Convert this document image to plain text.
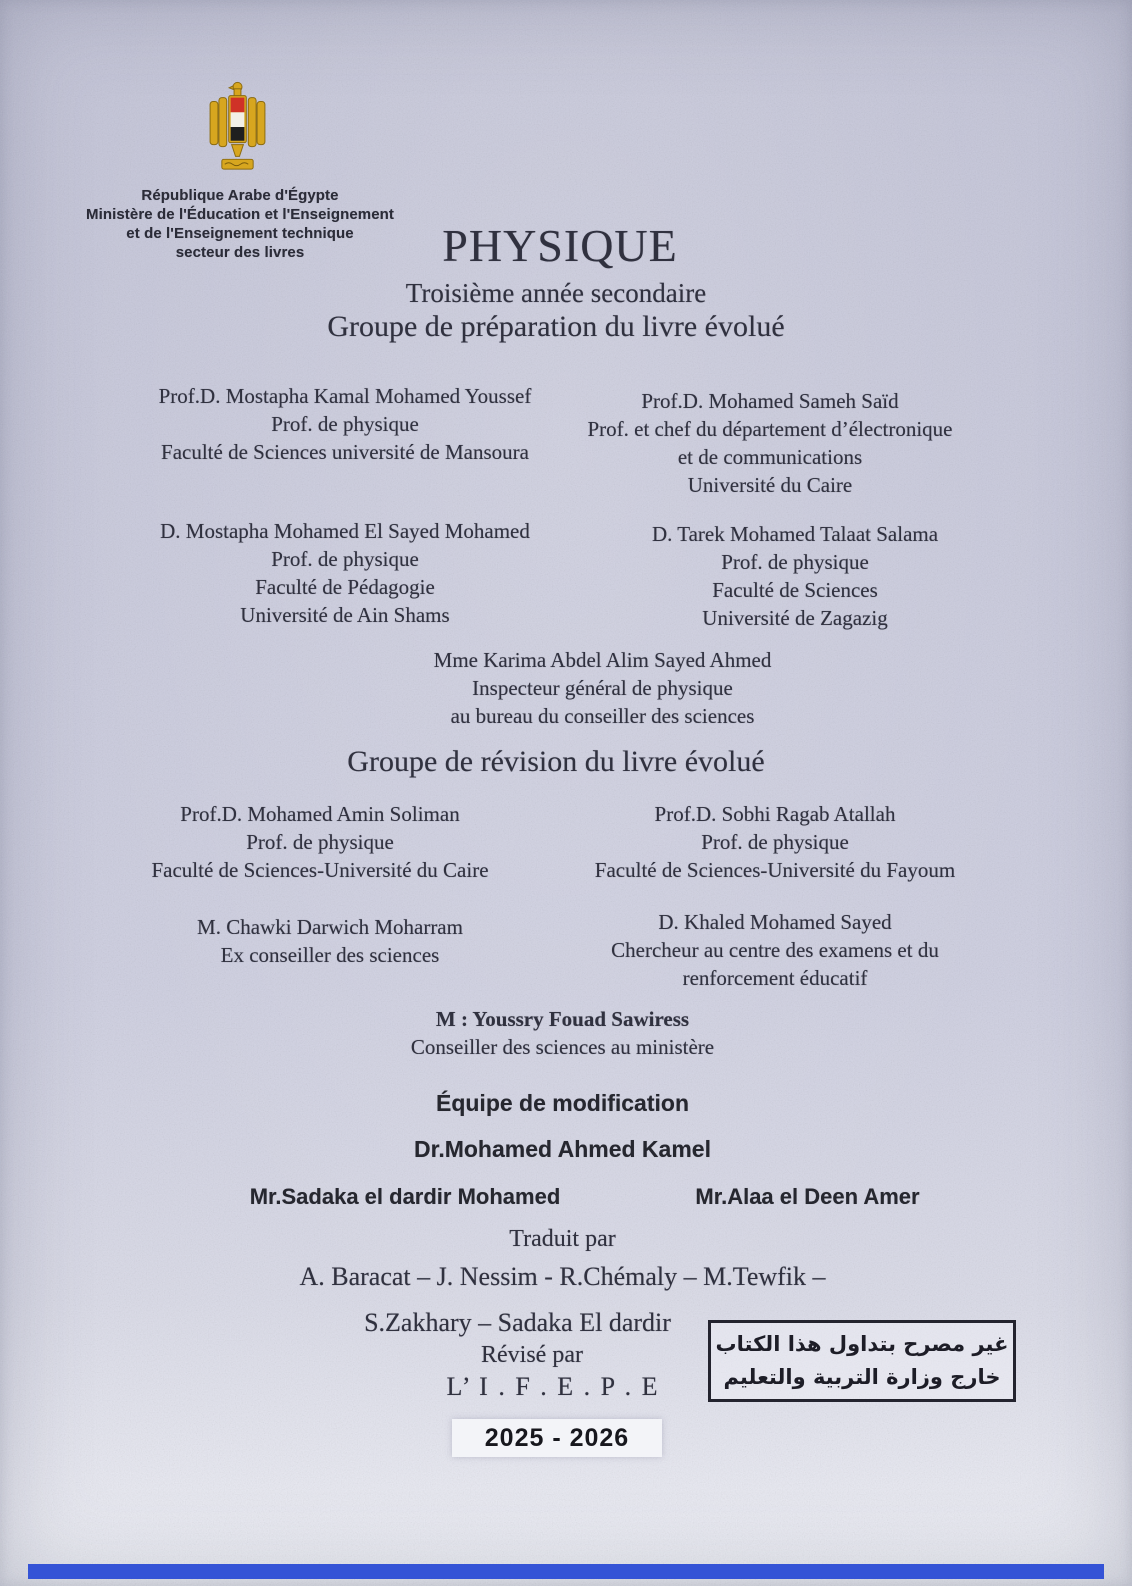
République Arabe d'Égypte
Ministère de l'Éducation et l'Enseignement
et de l'Enseignement technique
secteur des livres	PHYSIQUE
Troisième année secondaire
Groupe de préparation du livre évolué
Prof.D. Mostapha Kamal Mohamed Youssef
Prof. de physique
Faculté de Sciences université de Mansoura
Prof.D. Mohamed Sameh Saïd
Prof. et chef du département d’électronique
et de communications
Université du Caire
D. Mostapha Mohamed El Sayed Mohamed
Prof. de physique
Faculté de Pédagogie
Université de Ain Shams
D. Tarek Mohamed Talaat Salama
Prof. de physique
Faculté de Sciences
Université de Zagazig
Mme Karima Abdel Alim Sayed Ahmed
Inspecteur général de physique
au bureau du conseiller des sciences
Groupe de révision du livre évolué
Prof.D. Mohamed Amin Soliman
Prof. de physique
Faculté de Sciences-Université du Caire
Prof.D. Sobhi Ragab Atallah
Prof. de physique
Faculté de Sciences-Université du Fayoum
M. Chawki Darwich Moharram
Ex conseiller des sciences
D. Khaled Mohamed Sayed
Chercheur au centre des examens et du
renforcement éducatif
M : Youssry Fouad Sawiress
Conseiller des sciences au ministère
Équipe de modification
Dr.Mohamed Ahmed Kamel
Mr.Sadaka el dardir Mohamed	Mr.Alaa el Deen Amer
Traduit par
A. Baracat – J. Nessim - R.Chémaly – M.Tewfik –
S.Zakhary – Sadaka El dardir
Révisé par
L’ I . F . E . P . E
غير مصرح بتداول هذا الكتاب
خارج وزارة التربية والتعليم
2025 - 2026
